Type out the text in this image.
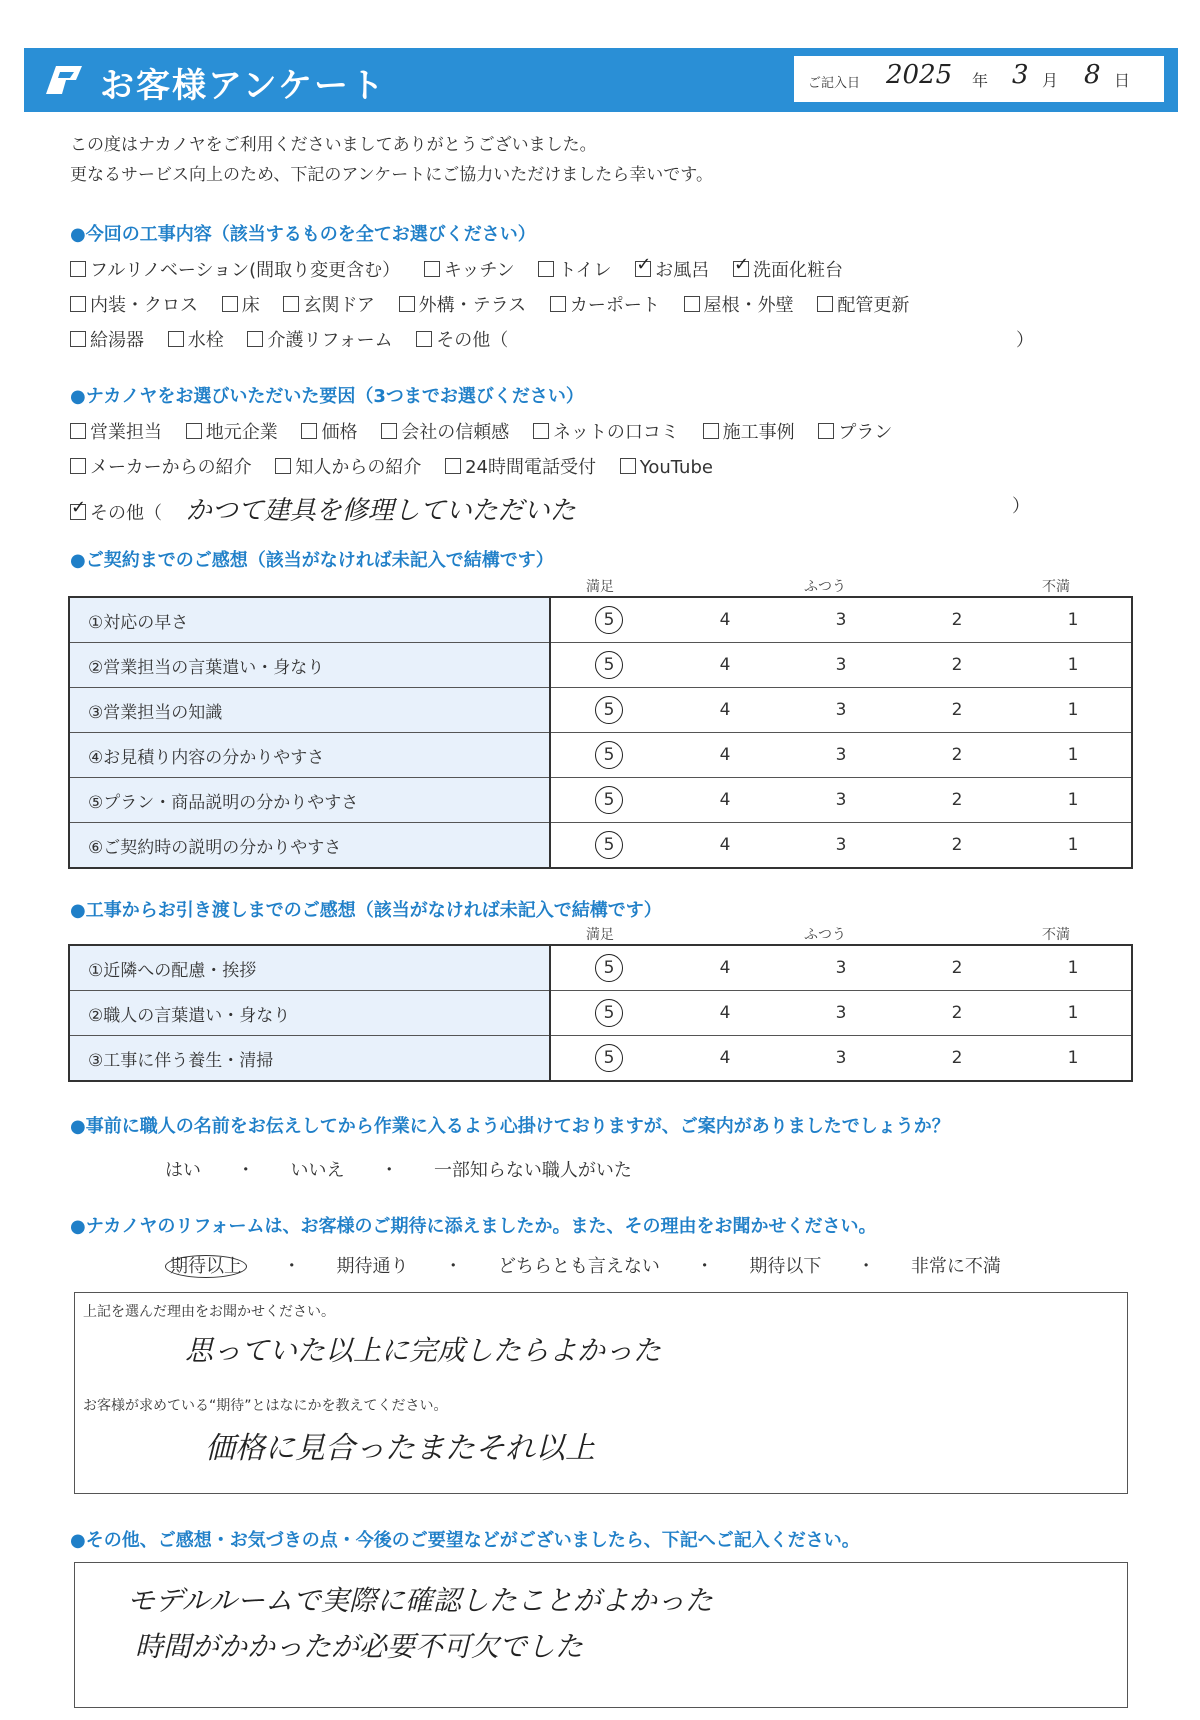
お客様アンケート	ご記入日 2025 年 3 月 8 日
この度はナカノヤをご利用くださいましてありがとうございました。
更なるサービス向上のため、下記のアンケートにご協力いただけましたら幸いです。
●今回の工事内容（該当するものを全てお選びください）
フルリノベーション(間取り変更含む） キッチン トイレ ✓ お風呂 ✓ 洗面化粧台
内装・クロス 床 玄関ドア 外構・テラス カーポート 屋根・外壁 配管更新
給湯器 水栓 介護リフォーム その他（	）
●ナカノヤをお選びいただいた要因（3つまでお選びください）
営業担当 地元企業 価格 会社の信頼感 ネットの口コミ 施工事例 プラン
メーカーからの紹介 知人からの紹介 24時間電話受付 YouTube
✓その他（ かつて建具を修理していただいた	）
●ご契約までのご感想（該当がなければ未記入で結構です）
満足	ふつう	不満
①対応の早さ	5	4	3	2	1
②営業担当の言葉遣い・身なり	5	4	3	2	1
③営業担当の知識	5	4	3	2	1
④お見積り内容の分かりやすさ	5	4	3	2	1
⑤プラン・商品説明の分かりやすさ	5	4	3	2	1
⑥ご契約時の説明の分かりやすさ	5	4	3	2	1
●工事からお引き渡しまでのご感想（該当がなければ未記入で結構です）
満足	ふつう	不満
①近隣への配慮・挨拶	5	4	3	2	1
②職人の言葉遣い・身なり	5	4	3	2	1
③工事に伴う養生・清掃	5	4	3	2	1
●事前に職人の名前をお伝えしてから作業に入るよう心掛けておりますが、ご案内がありましたでしょうか？
はい ・ いいえ ・ 一部知らない職人がいた
●ナカノヤのリフォームは、お客様のご期待に添えましたか。また、その理由をお聞かせください。
期待以上 ・ 期待通り ・ どちらとも言えない ・ 期待以下 ・ 非常に不満
上記を選んだ理由をお聞かせください。
思っていた以上に完成したらよかった
お客様が求めている“期待”とはなにかを教えてください。
価格に見合ったまたそれ以上
●その他、ご感想・お気づきの点・今後のご要望などがございましたら、下記へご記入ください。
モデルルームで実際に確認したことがよかった
時間がかかったが必要不可欠でした
